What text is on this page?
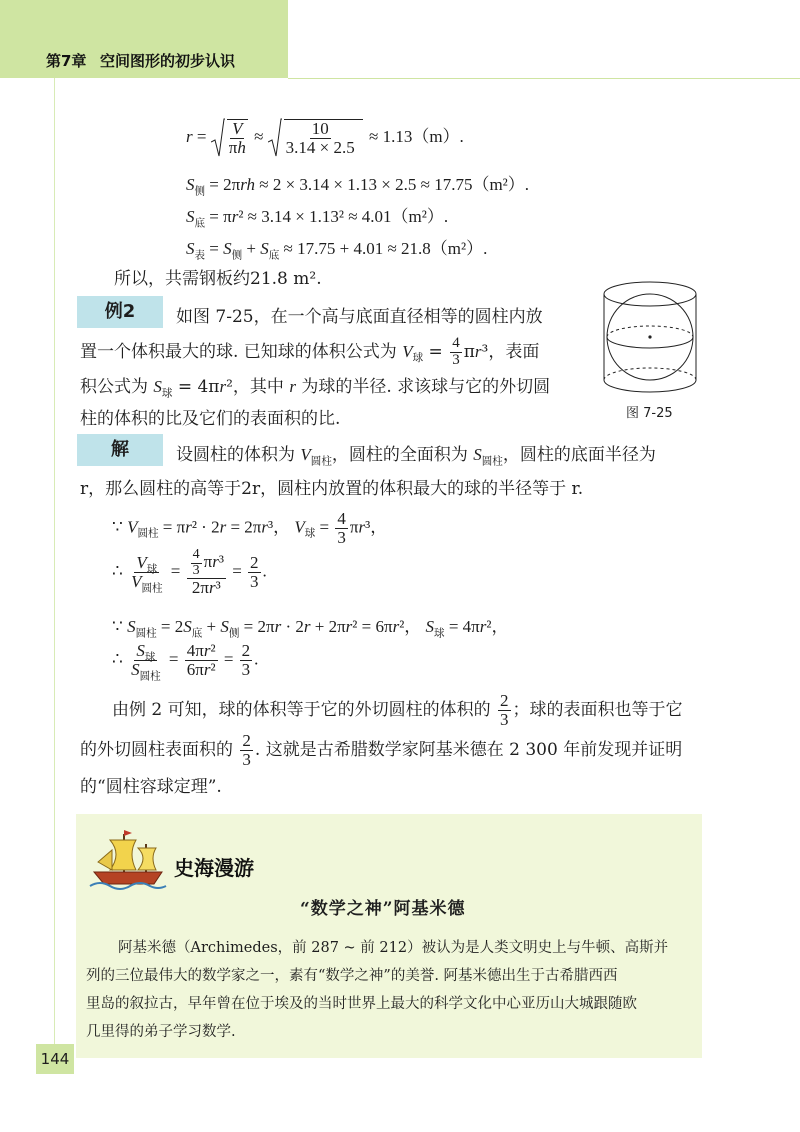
第7章 空间图形的初步认识
$r = \frac{V}{\pi h} \approx \frac{10}{3.14 \times 2.5} \approx 1.13(m)$.
$S_侧 = 2\pi rh \approx 2 \times 3.14 \times 1.13 \times 2.5 \approx 17.75(m^2)$.
$S_底 = \pi r^2 \approx 3.14 \times 1.13^2 \approx 4.01(m^2)$.
$S_表 = S_侧 + S_底 \approx 17.75 + 4.01 \approx 21.8(m^2)$.
所以，共需钢板约21.8 m².
例2	如图 7-25，在一个高与底面直径相等的圆柱内放
置一个体积最大的球. 已知球的体积公式为 $V_球 = \frac{4}{3} \pi r^3$，表面
积公式为 $S_球 = 4\pi r^2$，其中 r 为球的半径. 求该球与它的外切圆
柱的体积的比及它们的表面积的比.	图 7-25
解	设圆柱的体积为 $V_{圆柱}$，圆柱的全面积为 $S_{圆柱}$，圆柱的底面半径为
r，那么圆柱的高等于2r，圆柱内放置的体积最大的球的半径等于 r.
∵ $V_{圆柱} = \pi r^2 \cdot 2r = 2\pi r^3$， $V_球 = \frac{4}{3} \pi r^3$，
∴ $\frac{V_球}{V_{圆柱}} = \frac{\frac{4}{3} \pi r^3}{\text{2πr³}} = \frac{2}{3}$ .
∵ $S_{圆柱} = 2S_底 + S_侧 = 2\pi r \cdot 2r + 2\pi r^2 = 6\pi r^2$， $S_球 = 4\pi r^2$，
∴ $\frac{S_球}{S_{圆柱}} = \frac{\text{4πr²}}{\text{6πr²}} = \frac{2}{3}$ .
由例 2 可知，球的体积等于它的外切圆柱的体积的 $\frac{2}{3}$ ；球的表面积也等于它
的外切圆柱表面积的 $\frac{2}{3}$ . 这就是古希腊数学家阿基米德在 2 300 年前发现并证明
的“圆柱容球定理”.
史海漫游
“数学之神”阿基米德
阿基米德（Archimedes，前 287 ~ 前 212）被认为是人类文明史上与牛顿、高斯并
列的三位最伟大的数学家之一，素有“数学之神”的美誉. 阿基米德出生于古希腊西西
里岛的叙拉古，早年曾在位于埃及的当时世界上最大的科学文化中心亚历山大城跟随欧
几里得的弟子学习数学.
144
